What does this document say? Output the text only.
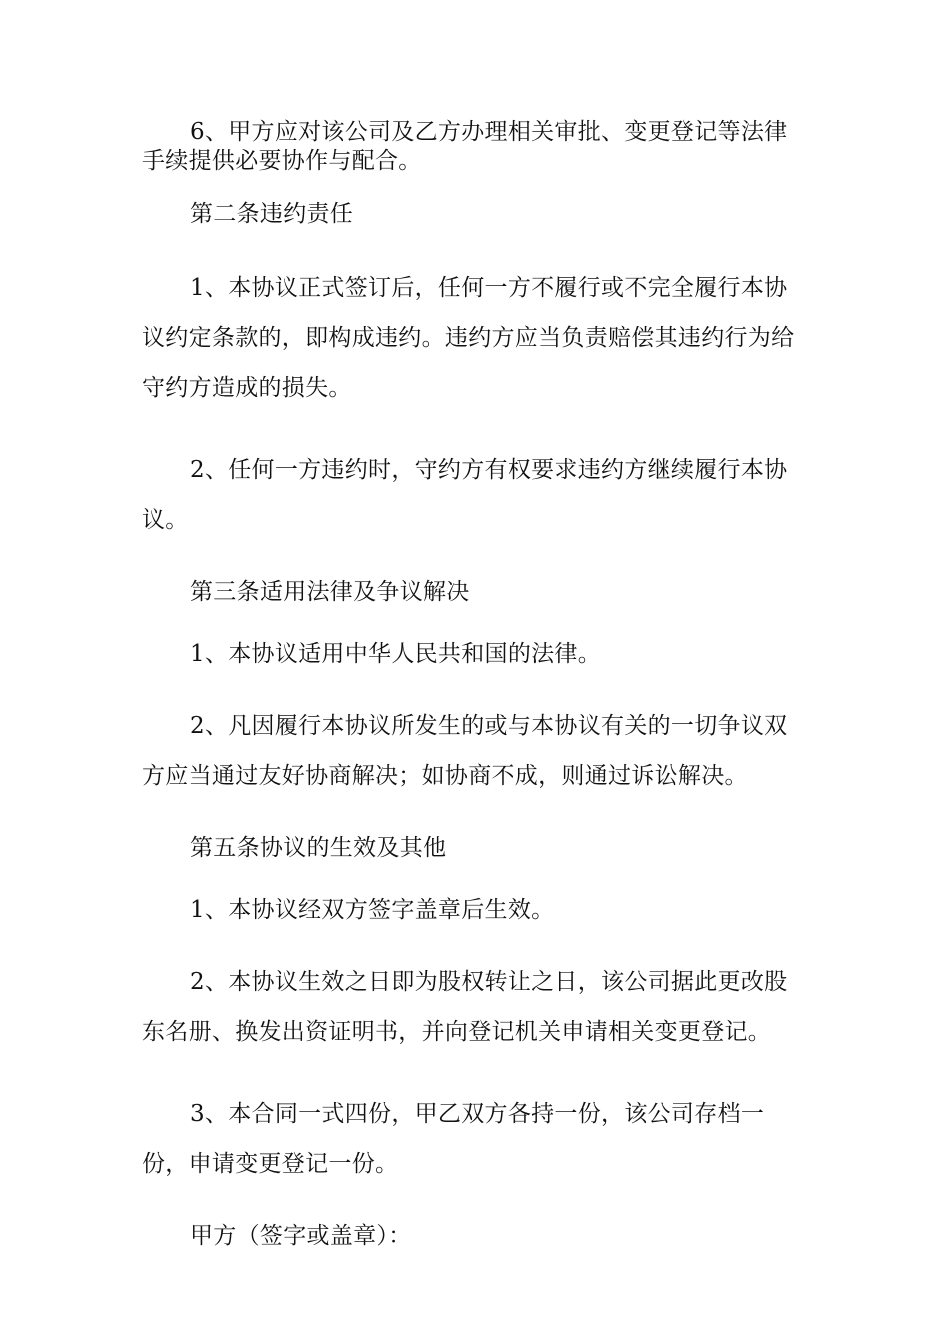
6、甲方应对该公司及乙方办理相关审批、变更登记等法律手续提供必要协作与配合。

第二条违约责任

1、本协议正式签订后，任何一方不履行或不完全履行本协议约定条款的，即构成违约。违约方应当负责赔偿其违约行为给守约方造成的损失。

2、任何一方违约时，守约方有权要求违约方继续履行本协议。

第三条适用法律及争议解决

1、本协议适用中华人民共和国的法律。

2、凡因履行本协议所发生的或与本协议有关的一切争议双方应当通过友好协商解决；如协商不成，则通过诉讼解决。

第五条协议的生效及其他

1、本协议经双方签字盖章后生效。

2、本协议生效之日即为股权转让之日，该公司据此更改股东名册、换发出资证明书，并向登记机关申请相关变更登记。

3、本合同一式四份，甲乙双方各持一份，该公司存档一份，申请变更登记一份。

甲方（签字或盖章）：
